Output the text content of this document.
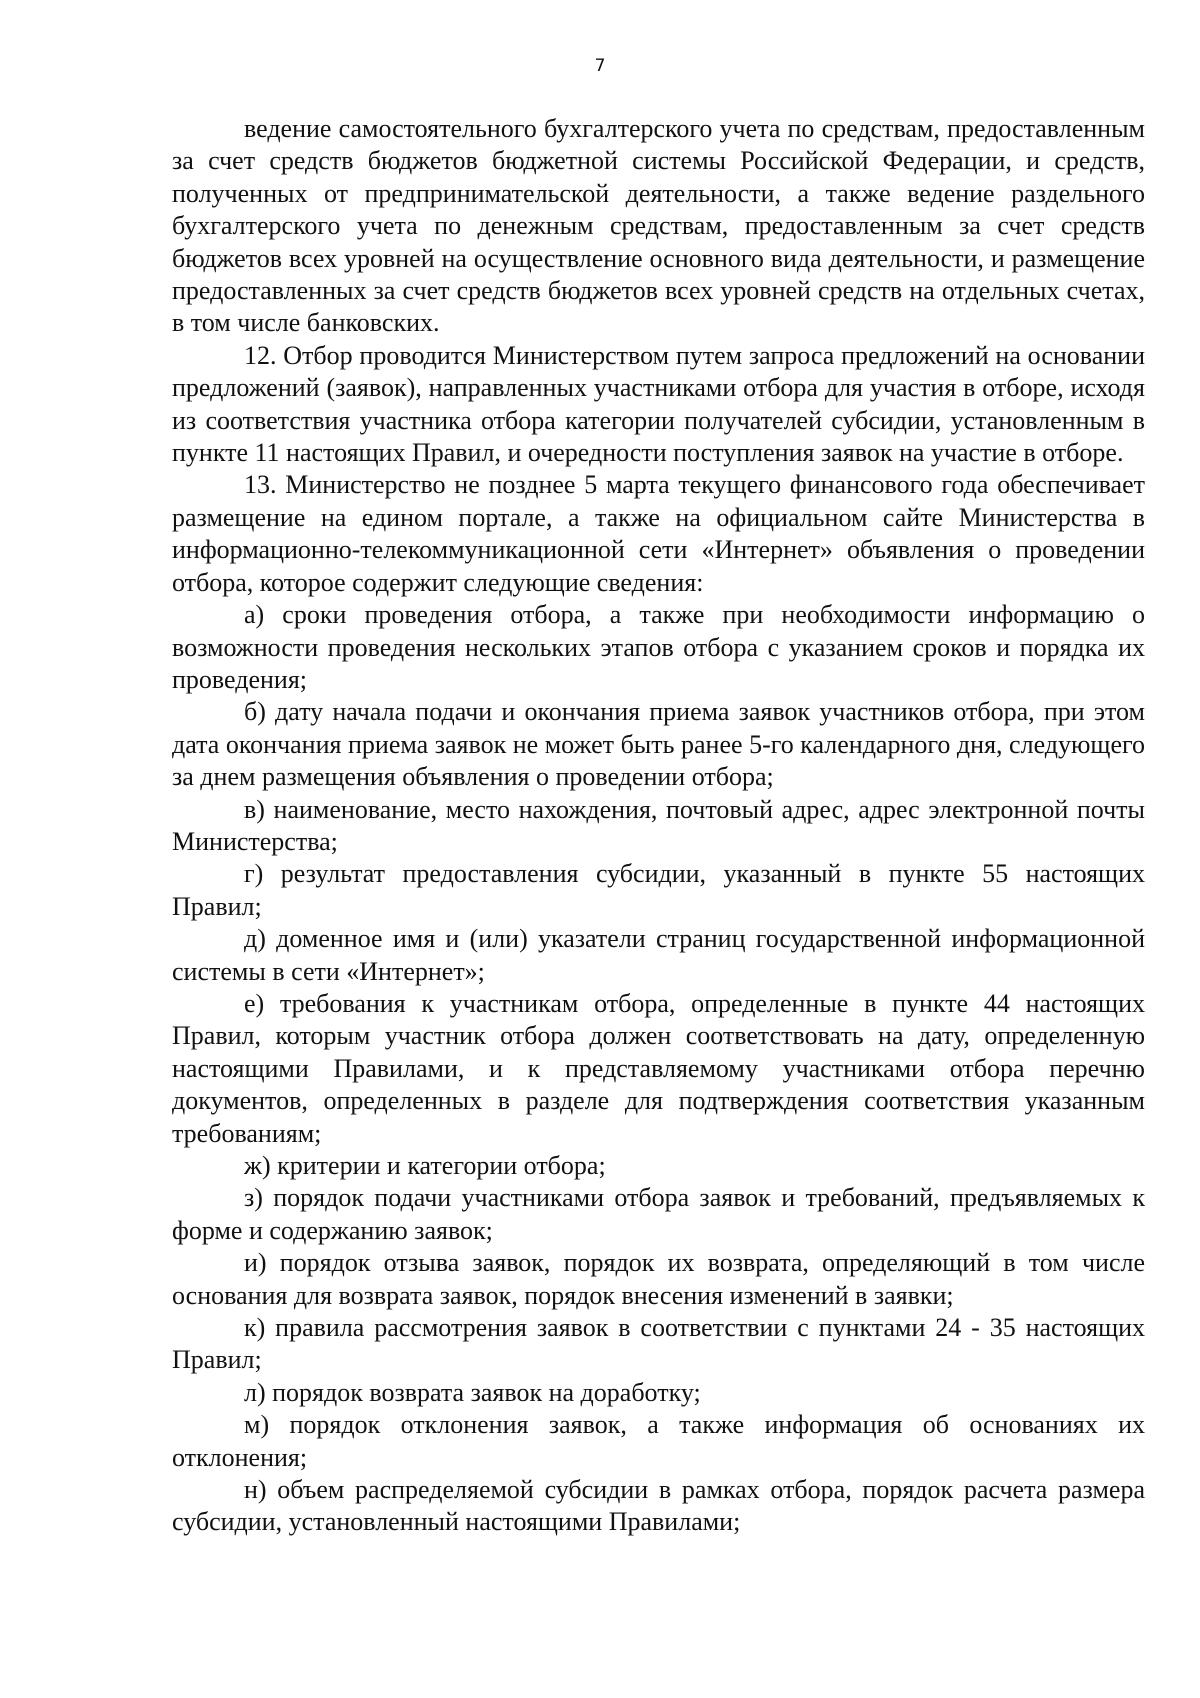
7

ведение самостоятельного бухгалтерского учета по средствам, предоставленным за счет средств бюджетов бюджетной системы Российской Федерации, и средств, полученных от предпринимательской деятельности, а также ведение раздельного бухгалтерского учета по денежным средствам, предоставленным за счет средств бюджетов всех уровней на осуществление основного вида деятельности, и размещение предоставленных за счет средств бюджетов всех уровней средств на отдельных счетах, в том числе банковских.

12. Отбор проводится Министерством путем запроса предложений на основании предложений (заявок), направленных участниками отбора для участия в отборе, исходя из соответствия участника отбора категории получателей субсидии, установленным в пункте 11 настоящих Правил, и очередности поступления заявок на участие в отборе.

13. Министерство не позднее 5 марта текущего финансового года обеспечивает размещение на едином портале, а также на официальном сайте Министерства в информационно-телекоммуникационной сети «Интернет» объявления о проведении отбора, которое содержит следующие сведения:

а) сроки проведения отбора, а также при необходимости информацию о возможности проведения нескольких этапов отбора с указанием сроков и порядка их проведения;

б) дату начала подачи и окончания приема заявок участников отбора, при этом дата окончания приема заявок не может быть ранее 5-го календарного дня, следующего за днем размещения объявления о проведении отбора;

в) наименование, место нахождения, почтовый адрес, адрес электронной почты Министерства;

г) результат предоставления субсидии, указанный в пункте 55 настоящих Правил;

д) доменное имя и (или) указатели страниц государственной информационной системы в сети «Интернет»;

е) требования к участникам отбора, определенные в пункте 44 настоящих Правил, которым участник отбора должен соответствовать на дату, определенную настоящими Правилами, и к представляемому участниками отбора перечню документов, определенных в разделе для подтверждения соответствия указанным требованиям;

ж) критерии и категории отбора;

з) порядок подачи участниками отбора заявок и требований, предъявляемых к форме и содержанию заявок;

и) порядок отзыва заявок, порядок их возврата, определяющий в том числе основания для возврата заявок, порядок внесения изменений в заявки;

к) правила рассмотрения заявок в соответствии с пунктами 24 - 35 настоящих Правил;

л) порядок возврата заявок на доработку;

м) порядок отклонения заявок, а также информация об основаниях их отклонения;

н) объем распределяемой субсидии в рамках отбора, порядок расчета размера субсидии, установленный настоящими Правилами;
